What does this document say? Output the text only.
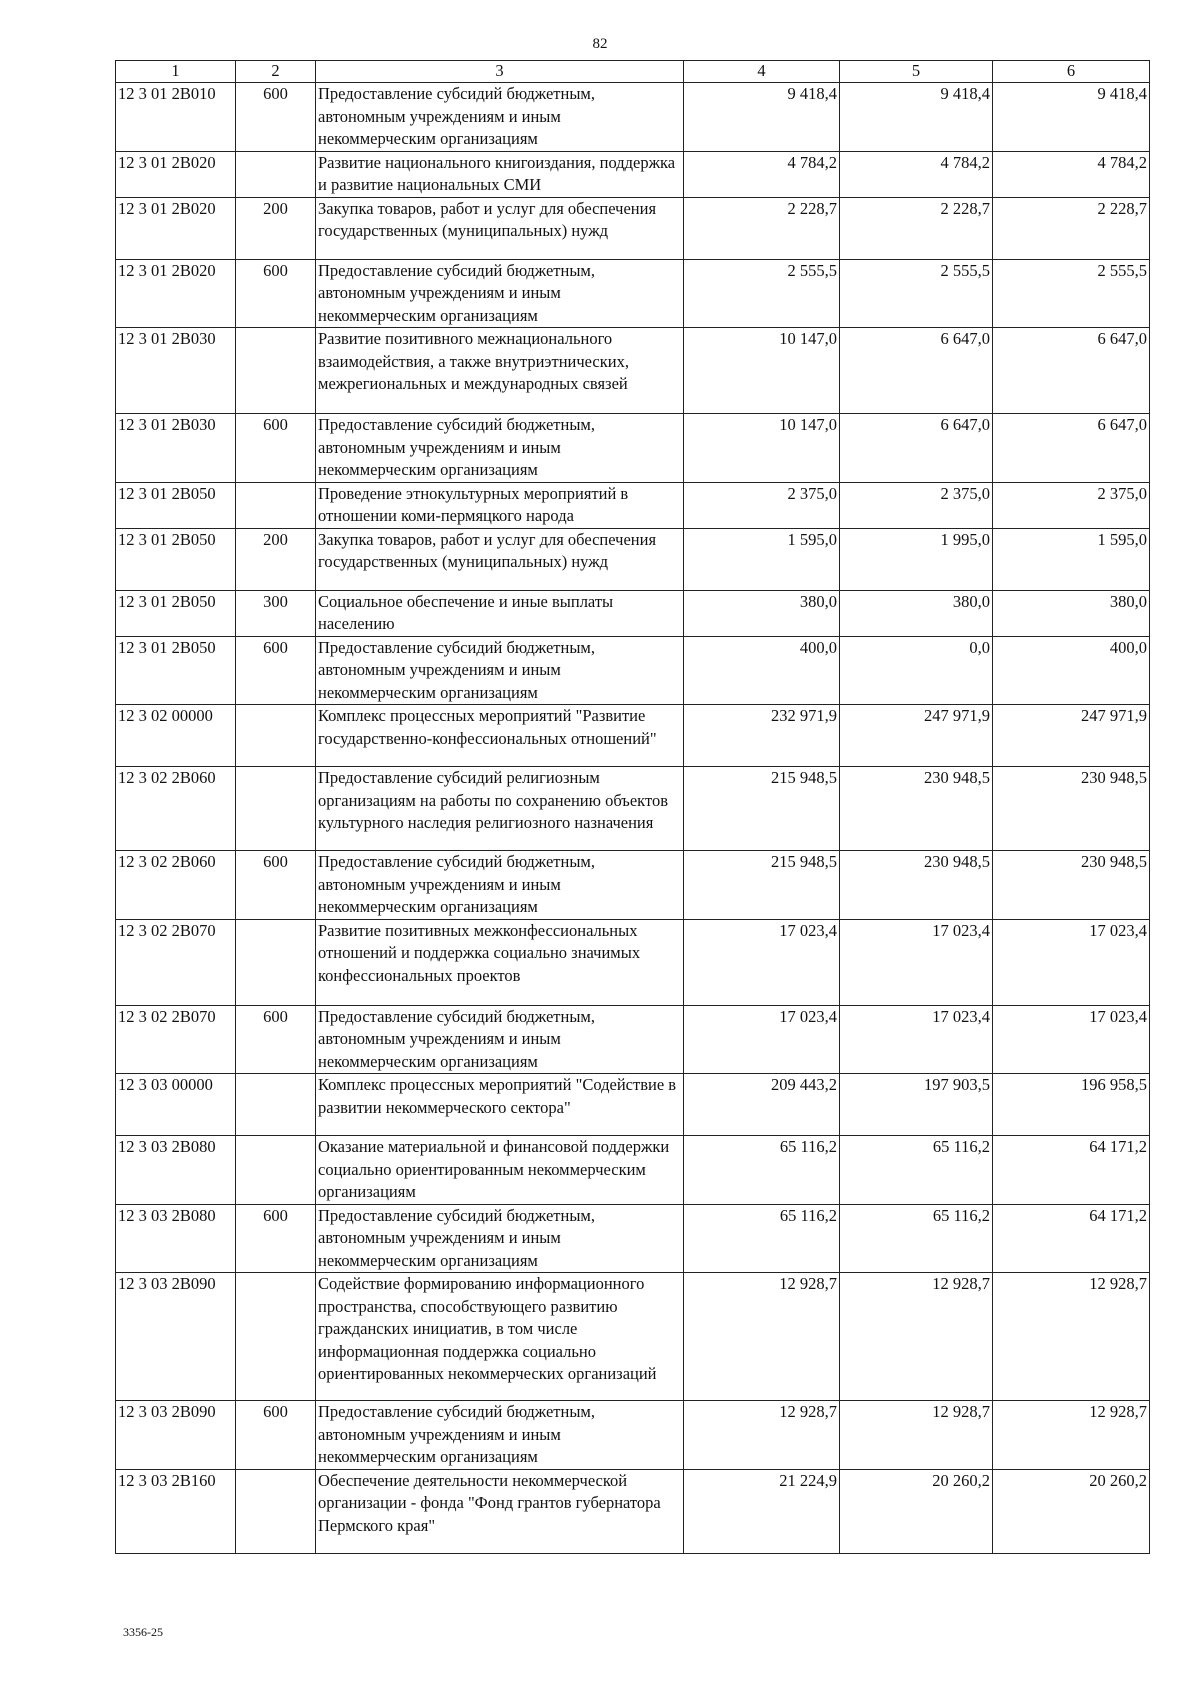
82
1	2	3	4	5	6
12 3 01 2B010	600	Предоставление субсидий бюджетным, автономным учреждениям и иным некоммерческим организациям	9 418,4	9 418,4	9 418,4
12 3 01 2B020		Развитие национального книгоиздания, поддержка и развитие национальных СМИ	4 784,2	4 784,2	4 784,2
12 3 01 2B020	200	Закупка товаров, работ и услуг для обеспечения государственных (муниципальных) нужд	2 228,7	2 228,7	2 228,7
12 3 01 2B020	600	Предоставление субсидий бюджетным, автономным учреждениям и иным некоммерческим организациям	2 555,5	2 555,5	2 555,5
12 3 01 2B030		Развитие позитивного межнационального взаимодействия, а также внутриэтнических, межрегиональных и международных связей	10 147,0	6 647,0	6 647,0
12 3 01 2B030	600	Предоставление субсидий бюджетным, автономным учреждениям и иным некоммерческим организациям	10 147,0	6 647,0	6 647,0
12 3 01 2B050		Проведение этнокультурных мероприятий в отношении коми-пермяцкого народа	2 375,0	2 375,0	2 375,0
12 3 01 2B050	200	Закупка товаров, работ и услуг для обеспечения государственных (муниципальных) нужд	1 595,0	1 995,0	1 595,0
12 3 01 2B050	300	Социальное обеспечение и иные выплаты населению	380,0	380,0	380,0
12 3 01 2B050	600	Предоставление субсидий бюджетным, автономным учреждениям и иным некоммерческим организациям	400,0	0,0	400,0
12 3 02 00000		Комплекс процессных мероприятий "Развитие государственно-конфессиональных отношений"	232 971,9	247 971,9	247 971,9
12 3 02 2B060		Предоставление субсидий религиозным организациям на работы по сохранению объектов культурного наследия религиозного назначения	215 948,5	230 948,5	230 948,5
12 3 02 2B060	600	Предоставление субсидий бюджетным, автономным учреждениям и иным некоммерческим организациям	215 948,5	230 948,5	230 948,5
12 3 02 2B070		Развитие позитивных межконфессиональных отношений и поддержка социально значимых конфессиональных проектов	17 023,4	17 023,4	17 023,4
12 3 02 2B070	600	Предоставление субсидий бюджетным, автономным учреждениям и иным некоммерческим организациям	17 023,4	17 023,4	17 023,4
12 3 03 00000		Комплекс процессных мероприятий "Содействие в развитии некоммерческого сектора"	209 443,2	197 903,5	196 958,5
12 3 03 2B080		Оказание материальной и финансовой поддержки социально ориентированным некоммерческим организациям	65 116,2	65 116,2	64 171,2
12 3 03 2B080	600	Предоставление субсидий бюджетным, автономным учреждениям и иным некоммерческим организациям	65 116,2	65 116,2	64 171,2
12 3 03 2B090		Содействие формированию информационного пространства, способствующего развитию гражданских инициатив, в том числе информационная поддержка социально ориентированных некоммерческих организаций	12 928,7	12 928,7	12 928,7
12 3 03 2B090	600	Предоставление субсидий бюджетным, автономным учреждениям и иным некоммерческим организациям	12 928,7	12 928,7	12 928,7
12 3 03 2B160		Обеспечение деятельности некоммерческой организации - фонда "Фонд грантов губернатора Пермского края"	21 224,9	20 260,2	20 260,2
3356-25
